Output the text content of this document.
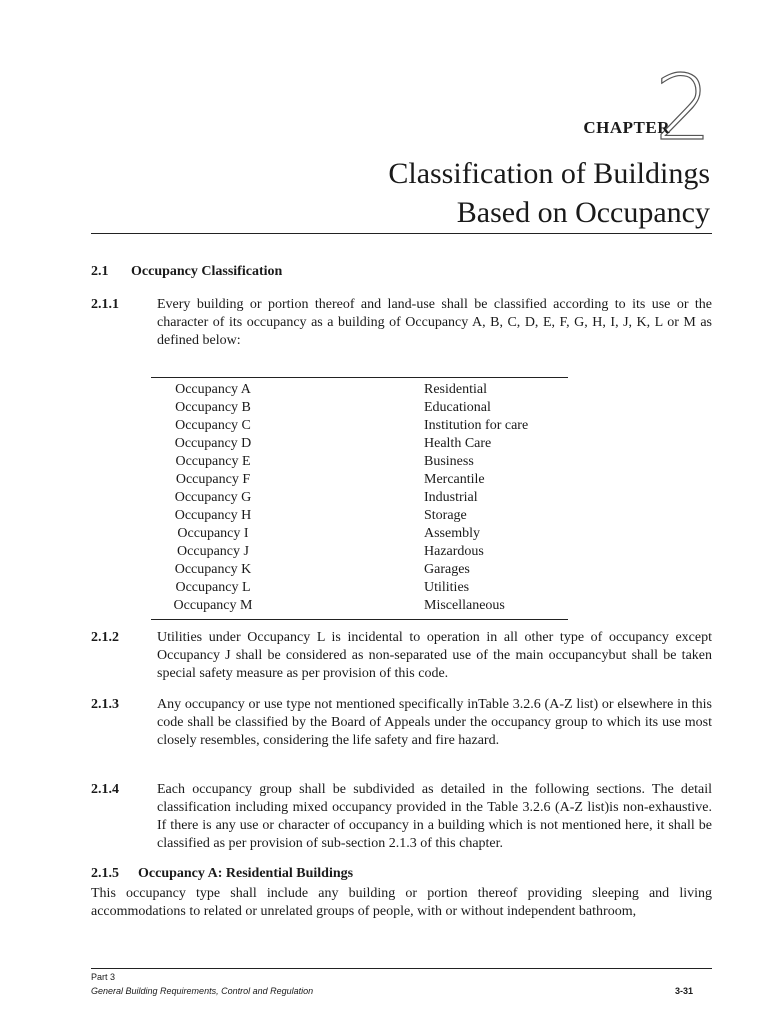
2
CHAPTER
Classification of Buildings
Based on Occupancy
2.1 Occupancy Classification
2.1.1	Every building or portion thereof and land-use shall be classified according to its use or the character of its occupancy as a building of Occupancy A, B, C, D, E, F, G, H, I, J, K, L or M as defined below:
Occupancy A	Residential
Occupancy B	Educational
Occupancy C	Institution for care
Occupancy D	Health Care
Occupancy E	Business
Occupancy F	Mercantile
Occupancy G	Industrial
Occupancy H	Storage
Occupancy I	Assembly
Occupancy J	Hazardous
Occupancy K	Garages
Occupancy L	Utilities
Occupancy M	Miscellaneous
2.1.2	Utilities under Occupancy L is incidental to operation in all other type of occupancy except Occupancy J shall be considered as non-separated use of the main occupancybut shall be taken special safety measure as per provision of this code.
2.1.3	Any occupancy or use type not mentioned specifically inTable 3.2.6 (A-Z list) or elsewhere in this code shall be classified by the Board of Appeals under the occupancy group to which its use most closely resembles, considering the life safety and fire hazard.
2.1.4	Each occupancy group shall be subdivided as detailed in the following sections. The detail classification including mixed occupancy provided in the Table 3.2.6 (A-Z list)is non-exhaustive. If there is any use or character of occupancy in a building which is not mentioned here, it shall be classified as per provision of sub-section 2.1.3 of this chapter.
2.1.5 Occupancy A: Residential Buildings
This occupancy type shall include any building or portion thereof providing sleeping and living accommodations to related or unrelated groups of people, with or without independent bathroom,
Part 3
General Building Requirements, Control and Regulation	3-31
